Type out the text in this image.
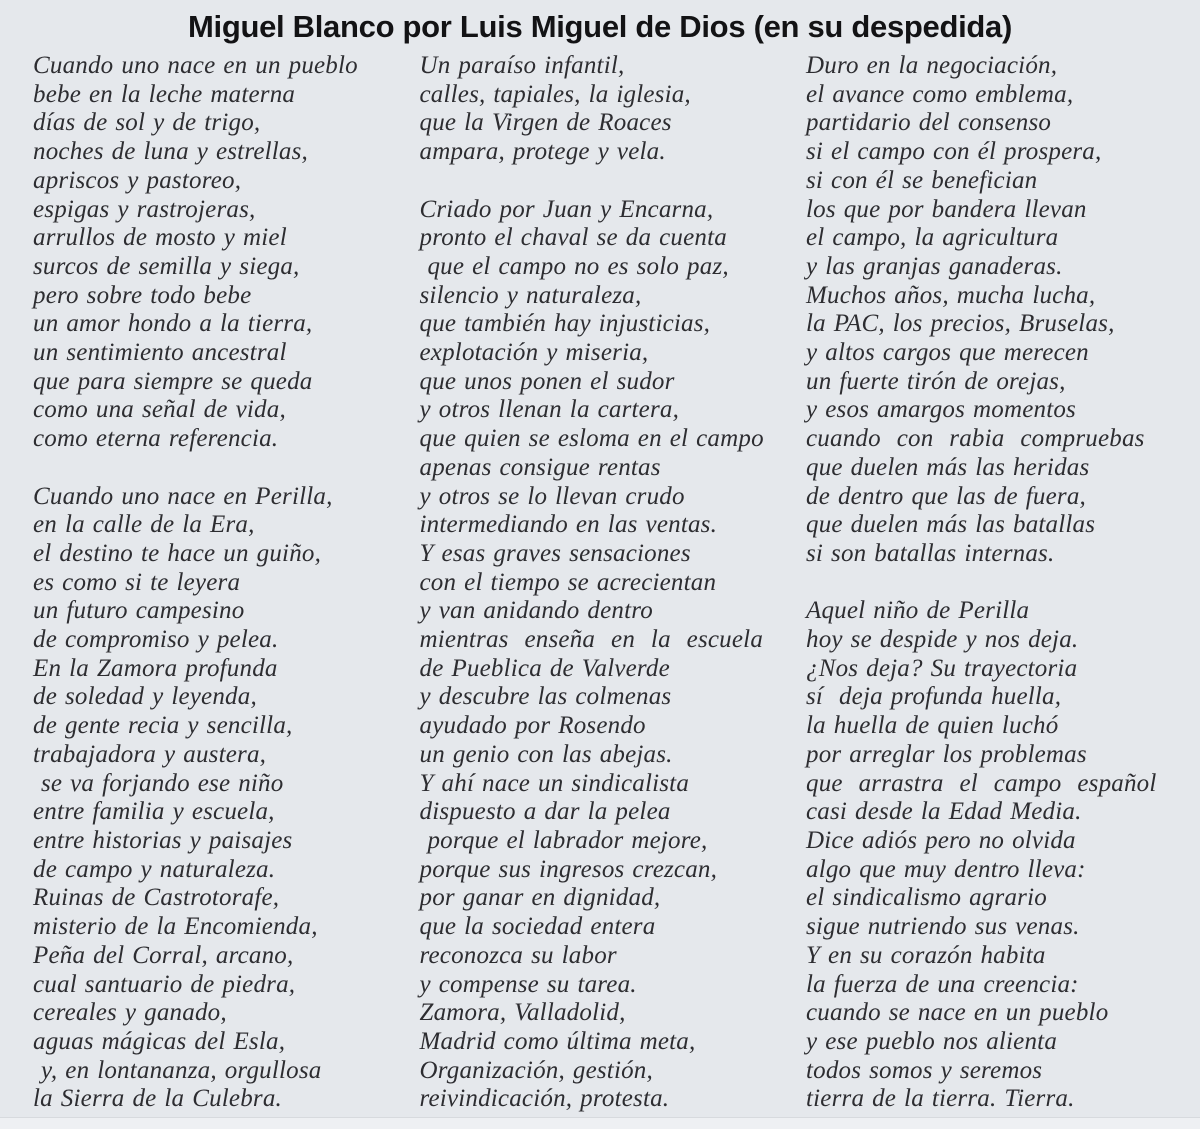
Miguel Blanco por Luis Miguel de Dios (en su despedida)
Cuando uno nace en un pueblo
bebe en la leche materna
días de sol y de trigo,
noches de luna y estrellas,
apriscos y pastoreo,
espigas y rastrojeras,
arrullos de mosto y miel
surcos de semilla y siega,
pero sobre todo bebe
un amor hondo a la tierra,
un sentimiento ancestral
que para siempre se queda
como una señal de vida,
como eterna referencia.

Cuando uno nace en Perilla,
en la calle de la Era,
el destino te hace un guiño,
es como si te leyera
un futuro campesino
de compromiso y pelea.
En la Zamora profunda
de soledad y leyenda,
de gente recia y sencilla,
trabajadora y austera,
se va forjando ese niño
entre familia y escuela,
entre historias y paisajes
de campo y naturaleza.
Ruinas de Castrotorafe,
misterio de la Encomienda,
Peña del Corral, arcano,
cual santuario de piedra,
cereales y ganado,
aguas mágicas del Esla,
y, en lontananza, orgullosa
la Sierra de la Culebra.
Un paraíso infantil,
calles, tapiales, la iglesia,
que la Virgen de Roaces
ampara, protege y vela.

Criado por Juan y Encarna,
pronto el chaval se da cuenta
que el campo no es solo paz,
silencio y naturaleza,
que también hay injusticias,
explotación y miseria,
que unos ponen el sudor
y otros llenan la cartera,
que quien se esloma en el campo
apenas consigue rentas
y otros se lo llevan crudo
intermediando en las ventas.
Y esas graves sensaciones
con el tiempo se acrecientan
y van anidando dentro
mientras  enseña  en  la  escuela
de Pueblica de Valverde
y descubre las colmenas
ayudado por Rosendo
un genio con las abejas.
Y ahí nace un sindicalista
dispuesto a dar la pelea
porque el labrador mejore,
porque sus ingresos crezcan,
por ganar en dignidad,
que la sociedad entera
reconozca su labor
y compense su tarea.
Zamora, Valladolid,
Madrid como última meta,
Organización, gestión,
reivindicación, protesta.
Duro en la negociación,
el avance como emblema,
partidario del consenso
si el campo con él prospera,
si con él se benefician
los que por bandera llevan
el campo, la agricultura
y las granjas ganaderas.
Muchos años, mucha lucha,
la PAC, los precios, Bruselas,
y altos cargos que merecen
un fuerte tirón de orejas,
y esos amargos momentos
cuando  con  rabia  compruebas
que duelen más las heridas
de dentro que las de fuera,
que duelen más las batallas
si son batallas internas.

Aquel niño de Perilla
hoy se despide y nos deja.
¿Nos deja? Su trayectoria
sí  deja profunda huella,
la huella de quien luchó
por arreglar los problemas
que  arrastra  el  campo  español
casi desde la Edad Media.
Dice adiós pero no olvida
algo que muy dentro lleva:
el sindicalismo agrario
sigue nutriendo sus venas.
Y en su corazón habita
la fuerza de una creencia:
cuando se nace en un pueblo
y ese pueblo nos alienta
todos somos y seremos
tierra de la tierra. Tierra.
